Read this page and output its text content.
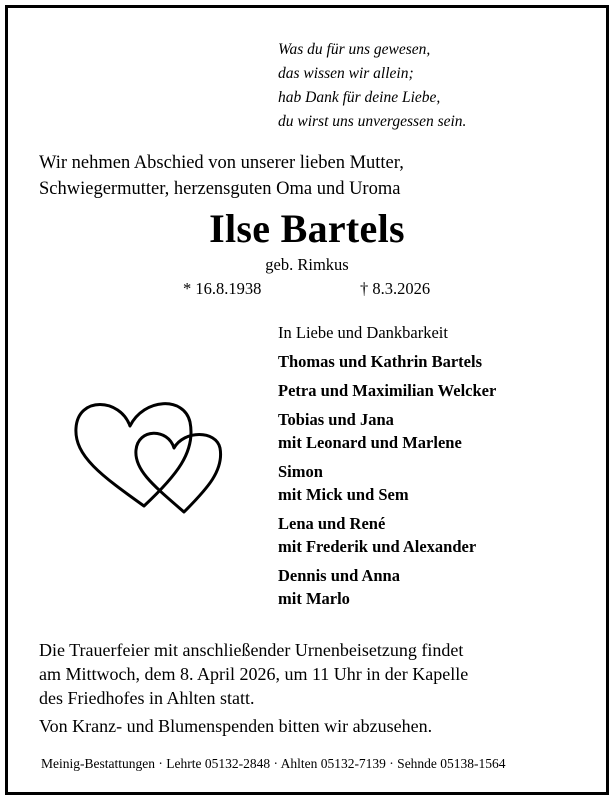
Was du für uns gewesen,
das wissen wir allein;
hab Dank für deine Liebe,
du wirst uns unvergessen sein.
Wir nehmen Abschied von unserer lieben Mutter,
Schwiegermutter, herzensguten Oma und Uroma
Ilse Bartels
geb. Rimkus
* 16.8.1938	† 8.3.2026
In Liebe und Dankbarkeit
Thomas und Kathrin Bartels
Petra und Maximilian Welcker
Tobias und Jana
mit Leonard und Marlene
Simon
mit Mick und Sem
Lena und René
mit Frederik und Alexander
Dennis und Anna
mit Marlo
Die Trauerfeier mit anschließender Urnenbeisetzung findet
am Mittwoch, dem 8. April 2026, um 11 Uhr in der Kapelle
des Friedhofes in Ahlten statt.
Von Kranz- und Blumenspenden bitten wir abzusehen.
Meinig-Bestattungen · Lehrte 05132-2848 · Ahlten 05132-7139 · Sehnde 05138-1564
